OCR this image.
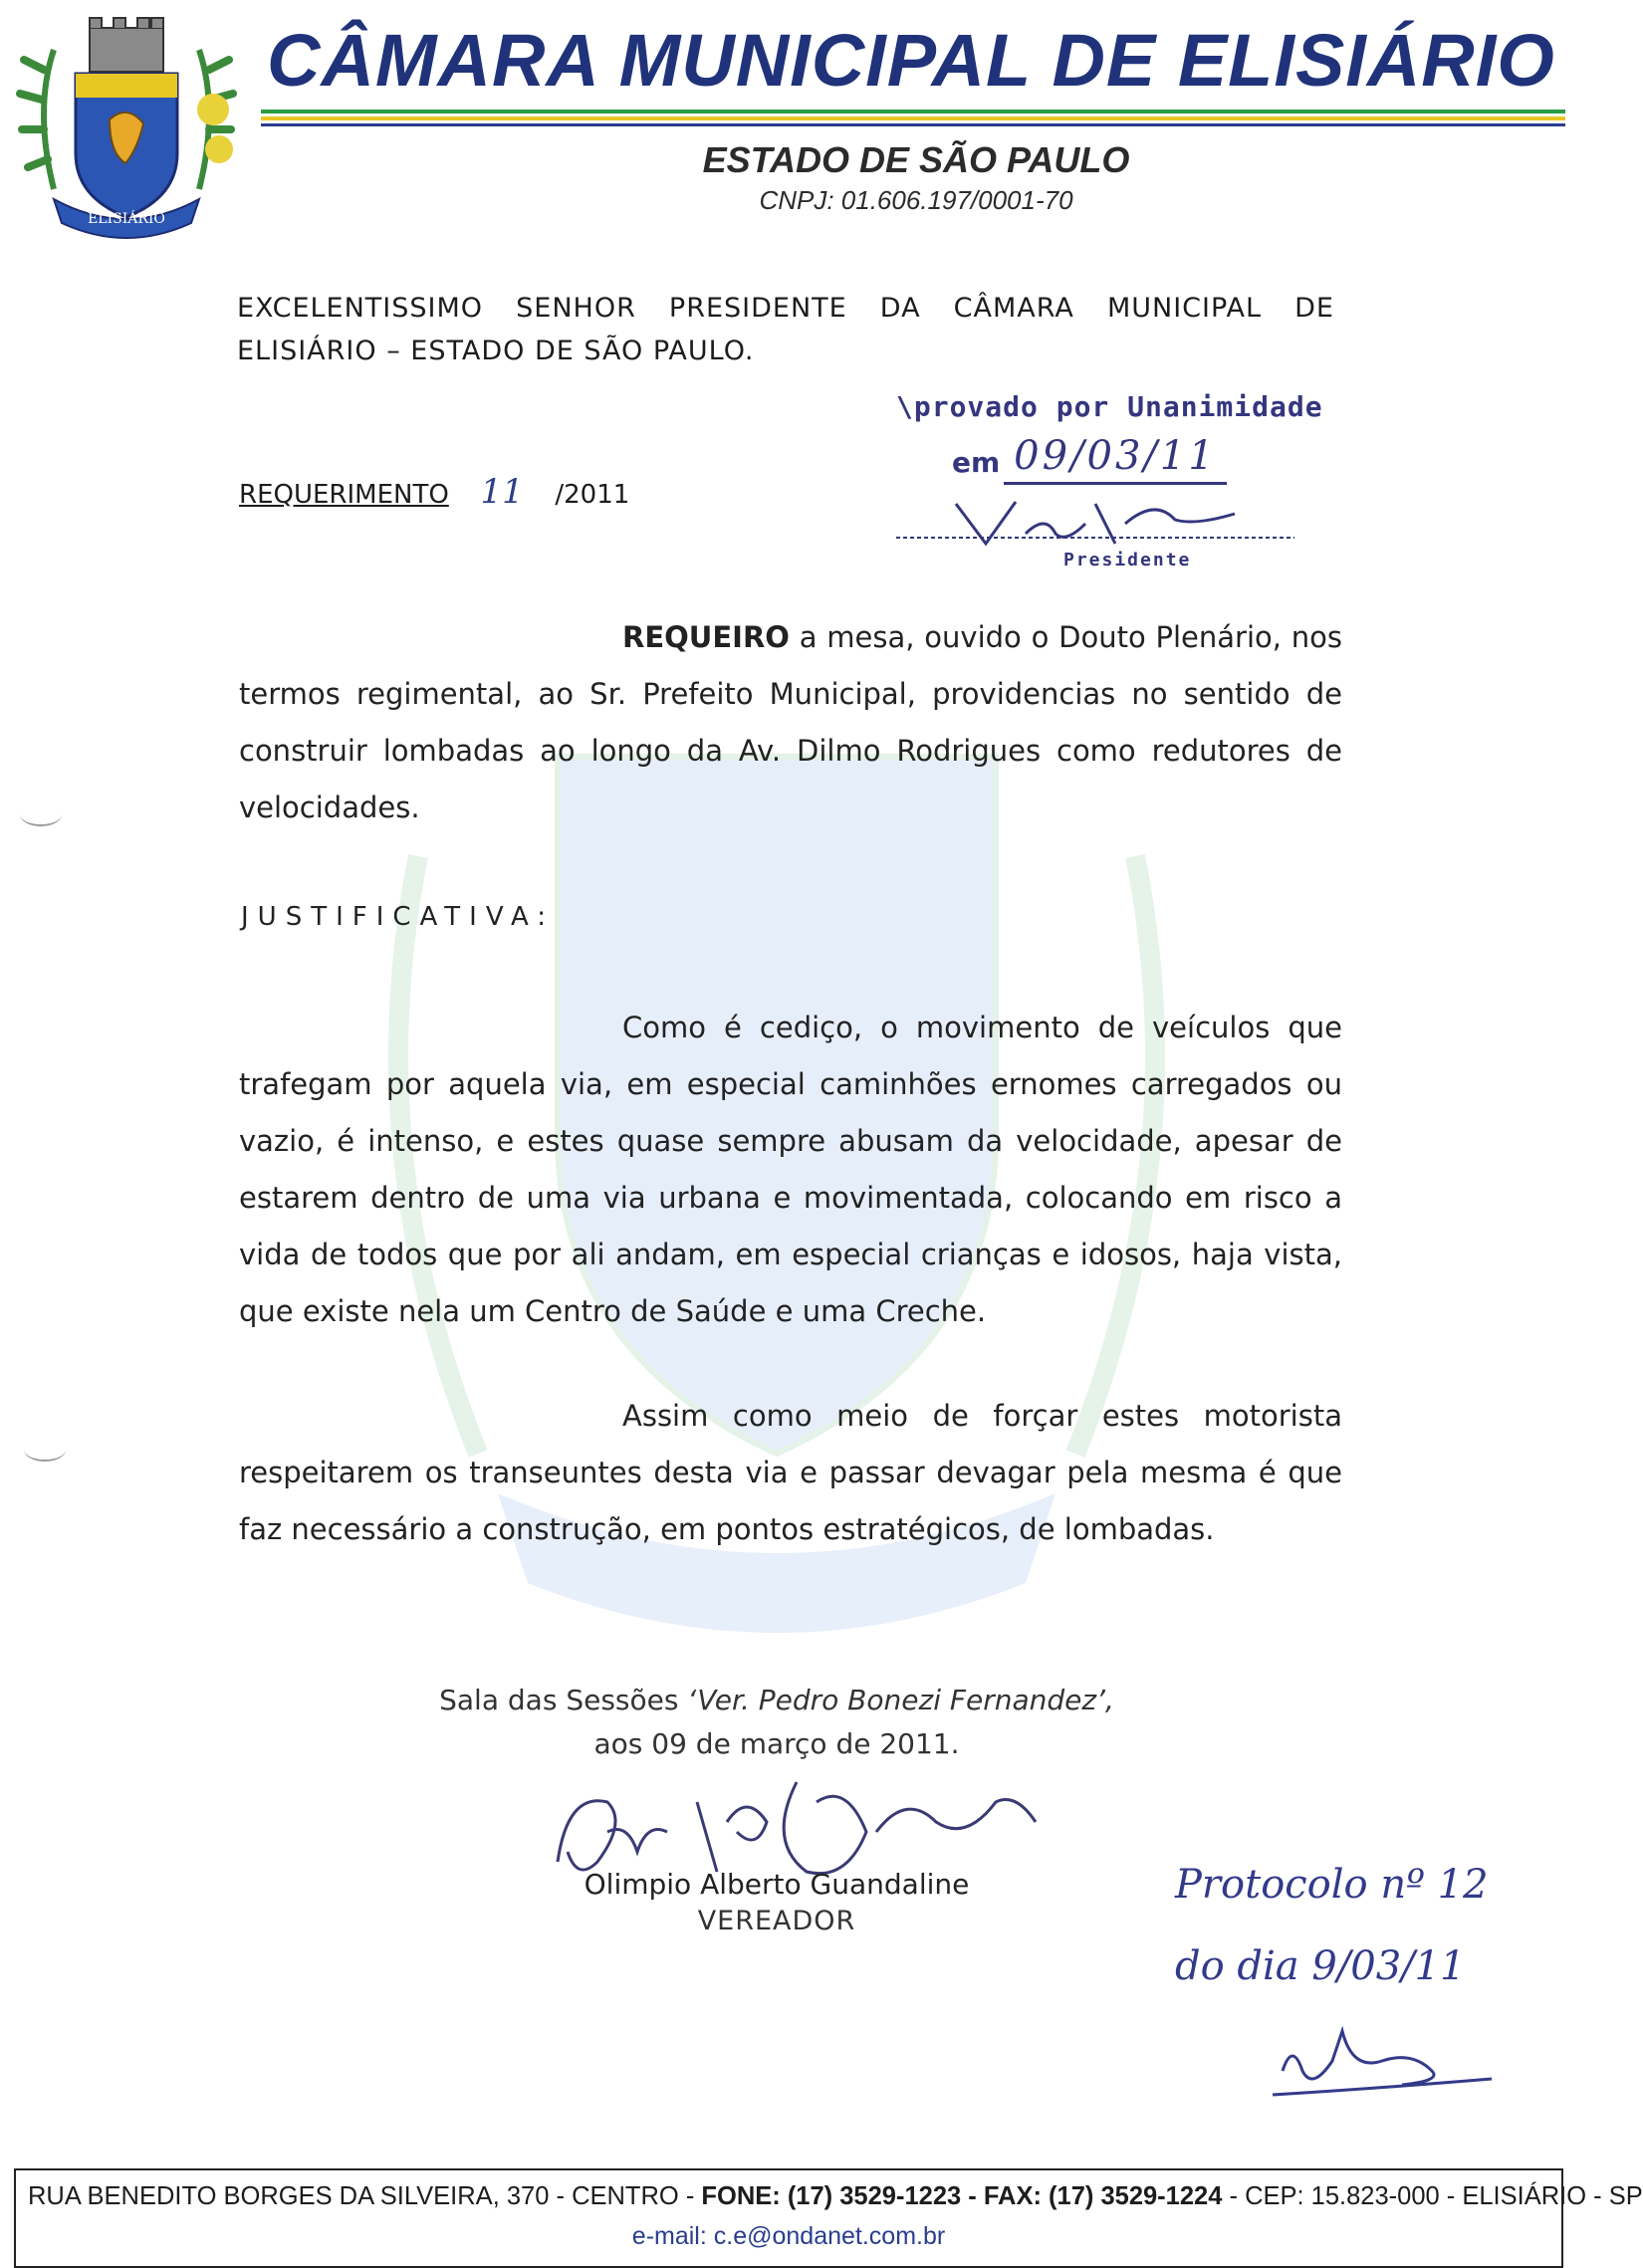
ELISIÁRIO
CÂMARA MUNICIPAL DE ELISIÁRIO
ESTADO DE SÃO PAULO
CNPJ: 01.606.197/0001-70
EXCELENTISSIMO SENHOR PRESIDENTE DA CÂMARA MUNICIPAL DE ELISIÁRIO – ESTADO DE SÃO PAULO.
REQUERIMENTO 11 /2011
\provado por Unanimidade
em 09/03/11
Presidente
REQUEIRO a mesa, ouvido o Douto Plenário, nos termos regimental, ao Sr. Prefeito Municipal, providencias no sentido de construir lombadas ao longo da Av. Dilmo Rodrigues como redutores de velocidades.
JUSTIFICATIVA:
Como é cediço, o movimento de veículos que trafegam por aquela via, em especial caminhões ernomes carregados ou vazio, é intenso, e estes quase sempre abusam da velocidade, apesar de estarem dentro de uma via urbana e movimentada, colocando em risco a vida de todos que por ali andam, em especial crianças e idosos, haja vista, que existe nela um Centro de Saúde e uma Creche.
Assim como meio de forçar estes motorista respeitarem os transeuntes desta via e passar devagar pela mesma é que faz necessário a construção, em pontos estratégicos, de lombadas.
Sala das Sessões ‘Ver. Pedro Bonezi Fernandez’,
aos 09 de março de 2011.
Olimpio Alberto Guandaline
VEREADOR
Protocolo nº 12
do dia 9/03/11
RUA BENEDITO BORGES DA SILVEIRA, 370 - CENTRO - FONE: (17) 3529-1223 - FAX: (17) 3529-1224 - CEP: 15.823-000 - ELISIÁRIO - SP
e-mail: c.e@ondanet.com.br
